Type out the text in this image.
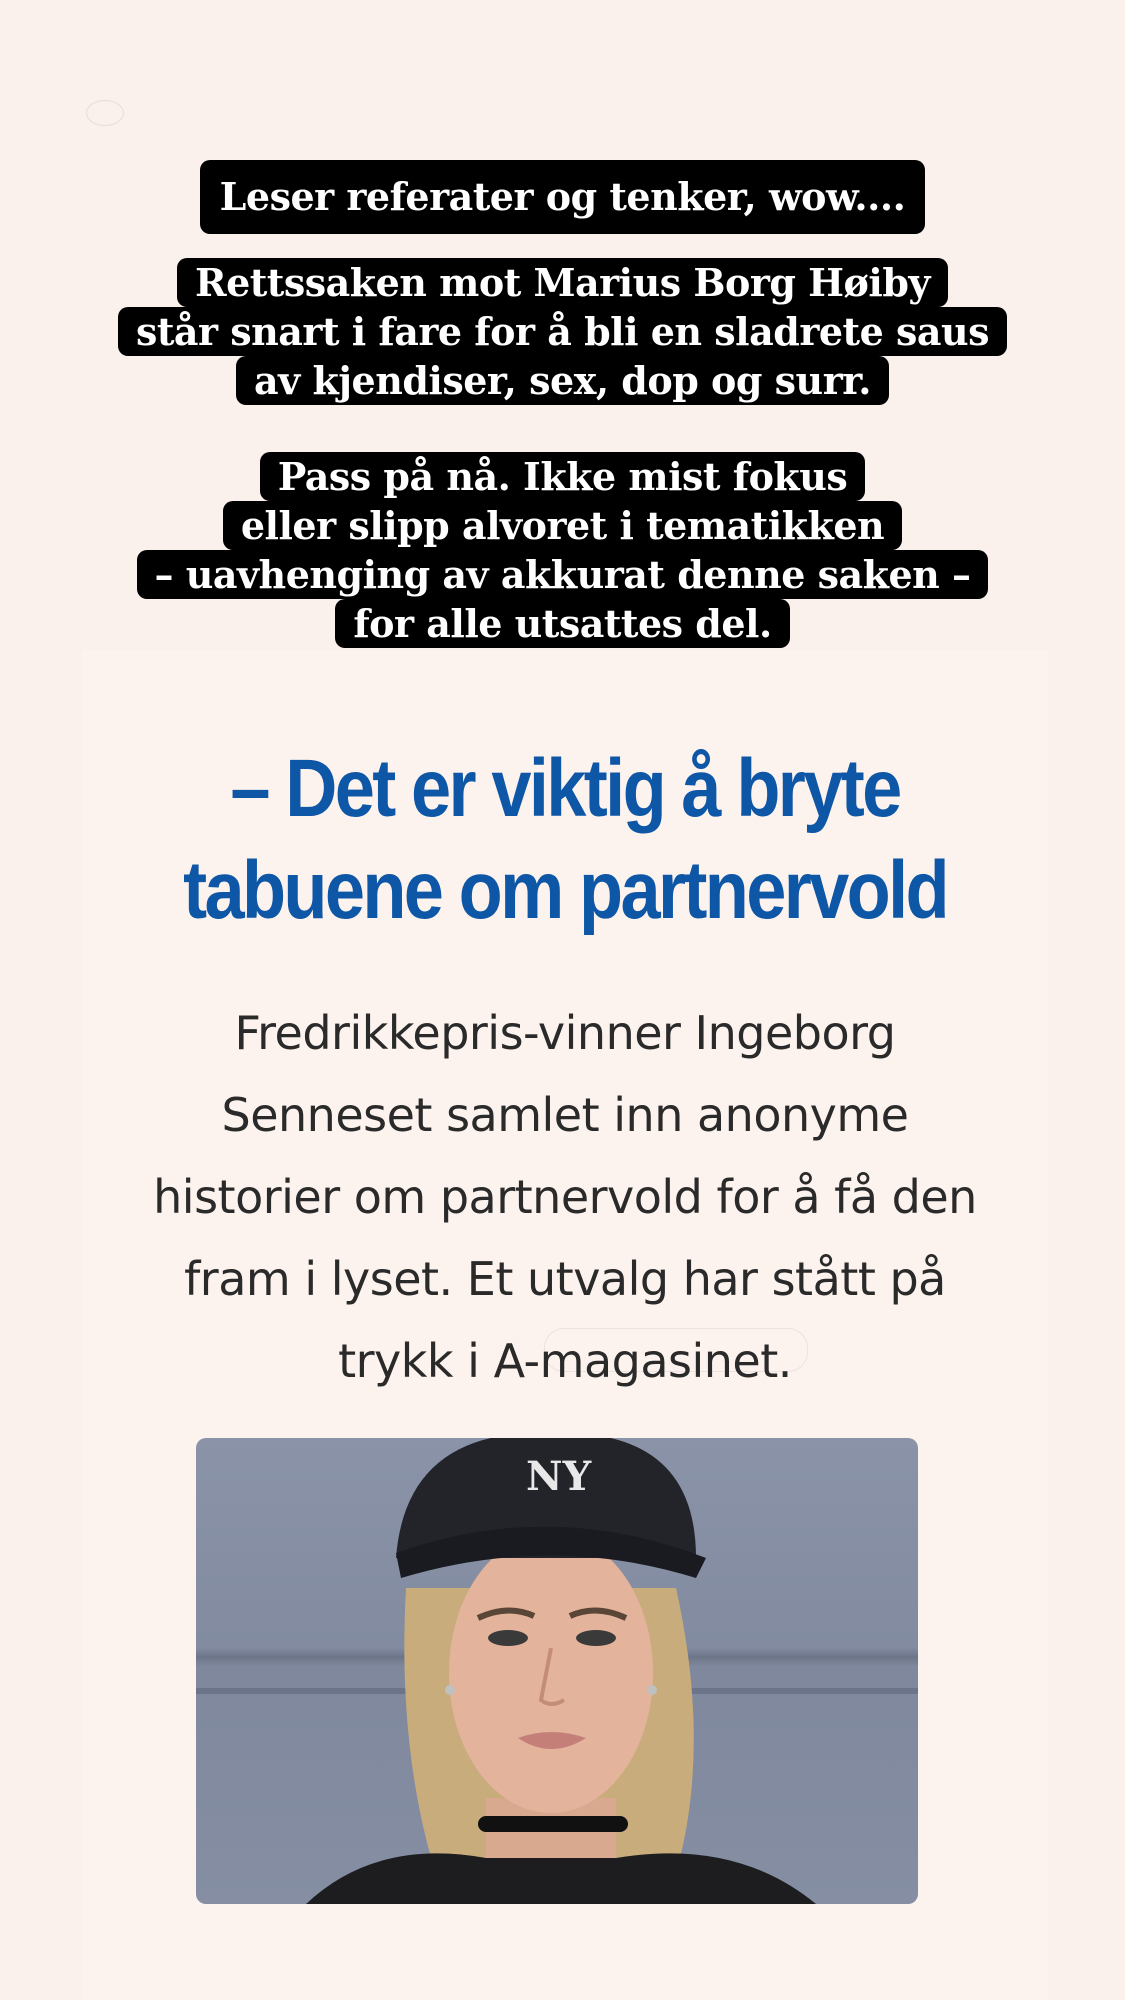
Leser referater og tenker, wow....
Rettssaken mot Marius Borg Høiby
står snart i fare for å bli en sladrete saus
av kjendiser, sex, dop og surr.
Pass på nå. Ikke mist fokus
eller slipp alvoret i tematikken
– uavhenging av akkurat denne saken –
for alle utsattes del.
– Det er viktig å bryte
tabuene om partnervold
Fredrikkepris-vinner Ingeborg
Senneset samlet inn anonyme
historier om partnervold for å få den
fram i lyset. Et utvalg har stått på
trykk i A-magasinet.
NY
